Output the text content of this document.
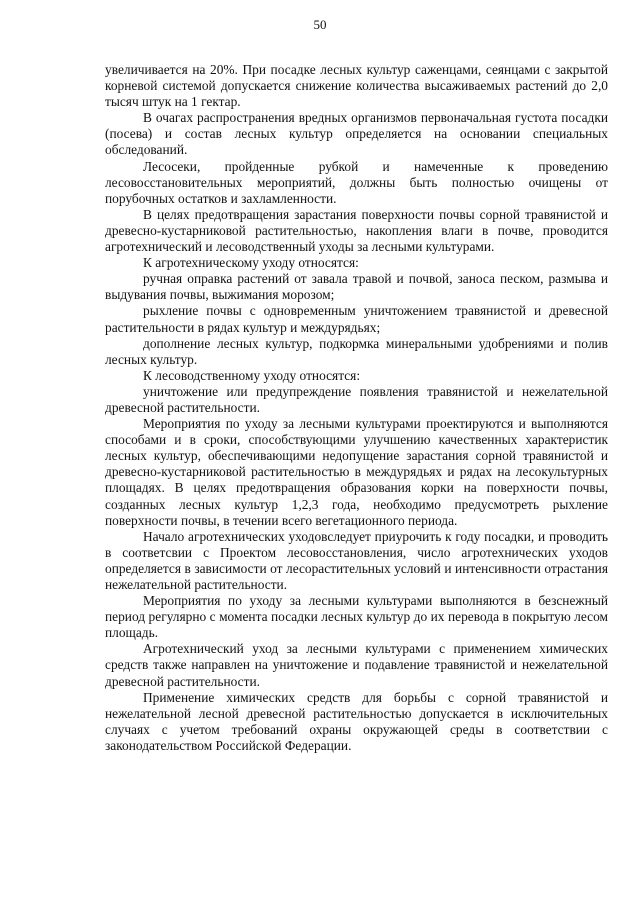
50

увеличивается на 20%. При посадке лесных культур саженцами, сеянцами с закрытой корневой системой допускается снижение количества высаживаемых растений до 2,0 тысяч штук на 1 гектар.

В очагах распространения вредных организмов первоначальная густота посадки (посева) и состав лесных культур определяется на основании специальных обследований.

Лесосеки, пройденные рубкой и намеченные к проведению лесовосстановительных мероприятий, должны быть полностью очищены от порубочных остатков и захламленности.

В целях предотвращения зарастания поверхности почвы сорной травянистой и древесно-кустарниковой растительностью, накопления влаги в почве, проводится агротехнический и лесоводственный уходы за лесными культурами.

К агротехническому уходу относятся:

ручная оправка растений от завала травой и почвой, заноса песком, размыва и выдувания почвы, выжимания морозом;

рыхление почвы с одновременным уничтожением травянистой и древесной растительности в рядах культур и междурядьях;

дополнение лесных культур, подкормка минеральными удобрениями и полив лесных культур.

К лесоводственному уходу относятся:

уничтожение или предупреждение появления травянистой и нежелательной древесной растительности.

Мероприятия по уходу за лесными культурами проектируются и выполняются способами и в сроки, способствующими улучшению качественных характеристик лесных культур, обеспечивающими недопущение зарастания сорной травянистой и древесно-кустарниковой растительностью в междурядьях и рядах на лесокультурных площадях. В целях предотвращения образования корки на поверхности почвы, созданных лесных культур 1,2,3 года, необходимо предусмотреть рыхление поверхности почвы, в течении всего вегетационного периода.

Начало агротехнических уходовследует приурочить к году посадки, и проводить в соответсвии с Проектом лесовосстановления, число агротехнических уходов определяется в зависимости от лесорастительных условий и интенсивности отрастания нежелательной растительности.

Мероприятия по уходу за лесными культурами выполняются в безснежный период регулярно с момента посадки лесных культур до их перевода в покрытую лесом площадь.

Агротехнический уход за лесными культурами с применением химических средств также направлен на уничтожение и подавление травянистой и нежелательной древесной растительности.

Применение химических средств для борьбы с сорной травянистой и нежелательной лесной древесной растительностью допускается в исключительных случаях с учетом требований охраны окружающей среды в соответствии с законодательством Российской Федерации.
